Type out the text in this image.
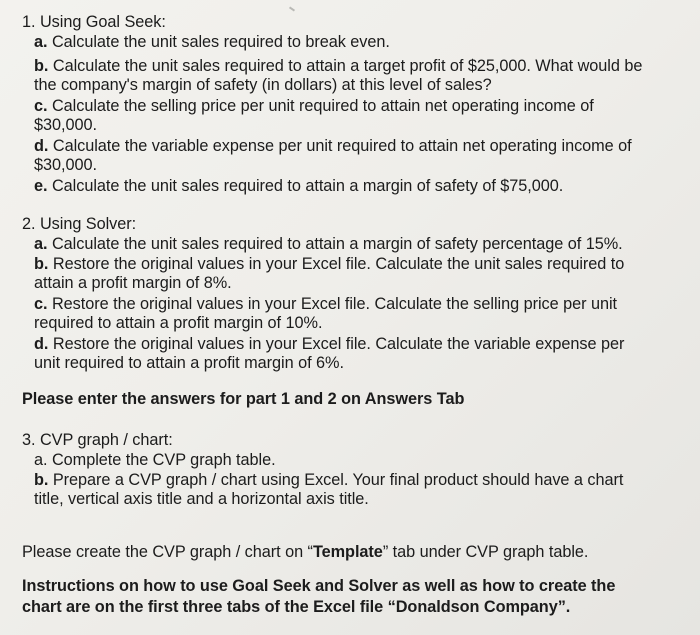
1. Using Goal Seek:
a. Calculate the unit sales required to break even.
b. Calculate the unit sales required to attain a target profit of $25,000. What would be
the company's margin of safety (in dollars) at this level of sales?
c. Calculate the selling price per unit required to attain net operating income of
$30,000.
d. Calculate the variable expense per unit required to attain net operating income of
$30,000.
e. Calculate the unit sales required to attain a margin of safety of $75,000.
2. Using Solver:
a. Calculate the unit sales required to attain a margin of safety percentage of 15%.
b. Restore the original values in your Excel file. Calculate the unit sales required to
attain a profit margin of 8%.
c. Restore the original values in your Excel file. Calculate the selling price per unit
required to attain a profit margin of 10%.
d. Restore the original values in your Excel file. Calculate the variable expense per
unit required to attain a profit margin of 6%.
Please enter the answers for part 1 and 2 on Answers Tab
3. CVP graph / chart:
a. Complete the CVP graph table.
b. Prepare a CVP graph / chart using Excel. Your final product should have a chart
title, vertical axis title and a horizontal axis title.
Please create the CVP graph / chart on “Template” tab under CVP graph table.
Instructions on how to use Goal Seek and Solver as well as how to create the
chart are on the first three tabs of the Excel file “Donaldson Company”.
